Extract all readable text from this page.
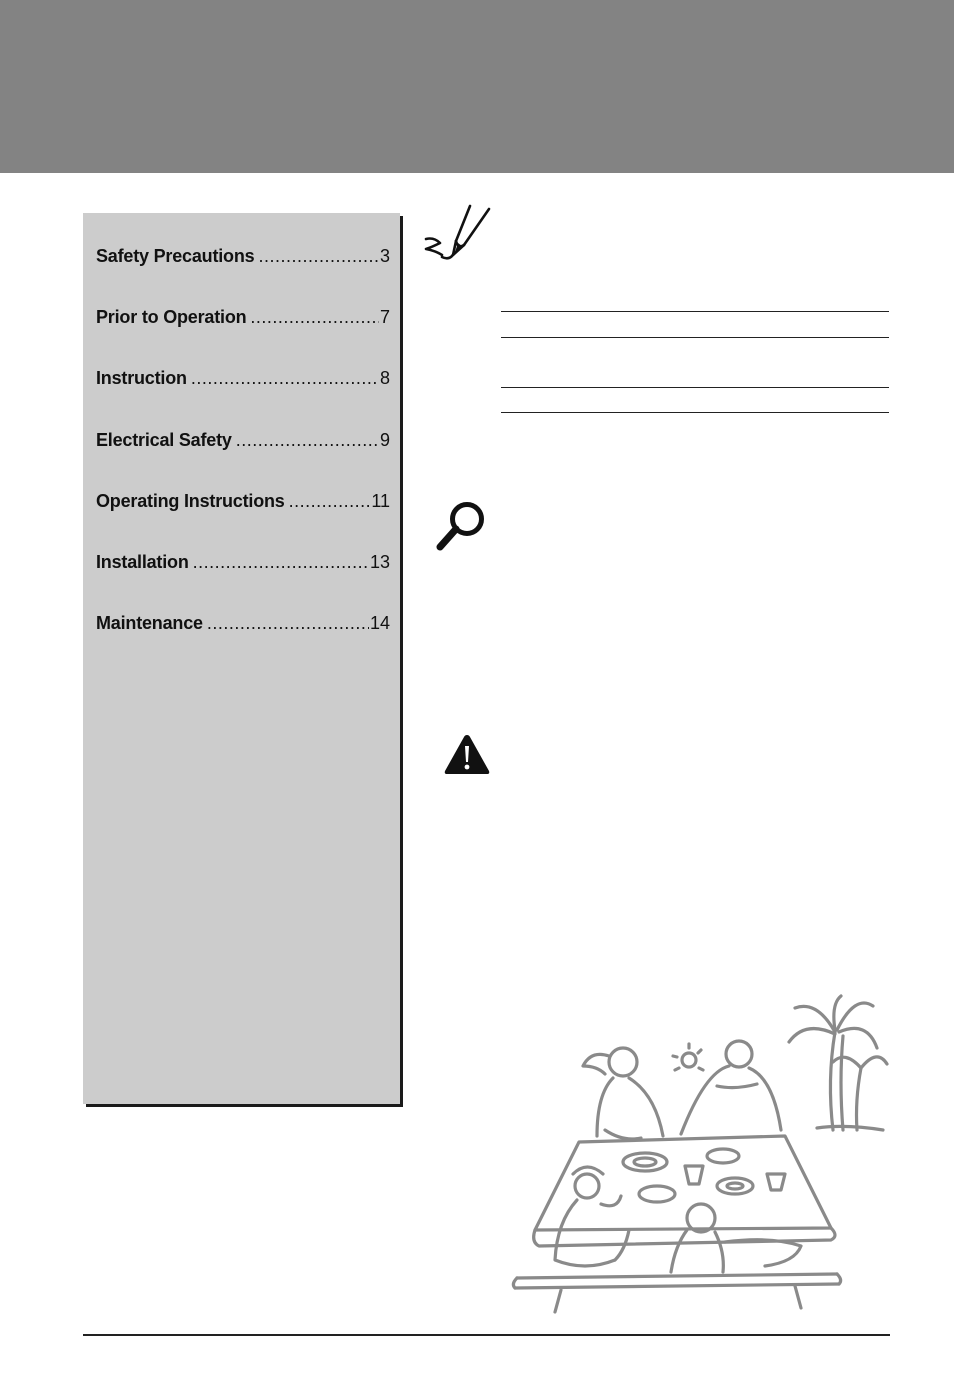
Safety Precautions .....	3
Prior to Operation .....	7
Instruction .....	8
Electrical Safety .....	9
Operating Instructions .....	11
Installation .....	13
Maintenance .....	14
